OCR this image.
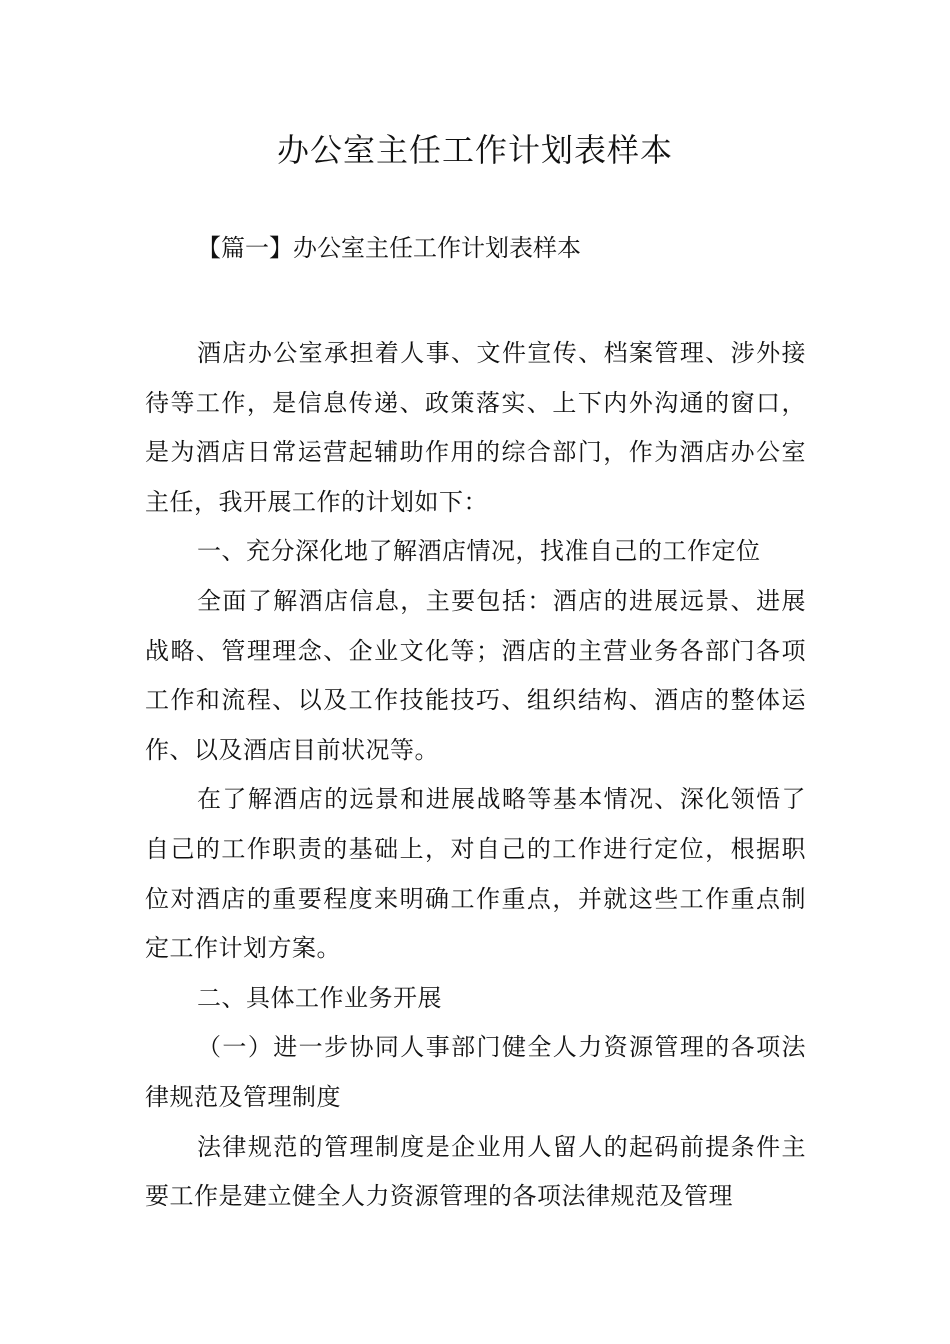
办公室主任工作计划表样本

【篇一】办公室主任工作计划表样本

酒店办公室承担着人事、文件宣传、档案管理、涉外接待等工作，是信息传递、政策落实、上下内外沟通的窗口，是为酒店日常运营起辅助作用的综合部门，作为酒店办公室主任，我开展工作的计划如下：

一、充分深化地了解酒店情况，找准自己的工作定位

全面了解酒店信息，主要包括：酒店的进展远景、进展战略、管理理念、企业文化等；酒店的主营业务各部门各项工作和流程、以及工作技能技巧、组织结构、酒店的整体运作、以及酒店目前状况等。

在了解酒店的远景和进展战略等基本情况、深化领悟了自己的工作职责的基础上，对自己的工作进行定位，根据职位对酒店的重要程度来明确工作重点，并就这些工作重点制定工作计划方案。

二、具体工作业务开展

（一）进一步协同人事部门健全人力资源管理的各项法律规范及管理制度

法律规范的管理制度是企业用人留人的起码前提条件主要工作是建立健全人力资源管理的各项法律规范及管理
